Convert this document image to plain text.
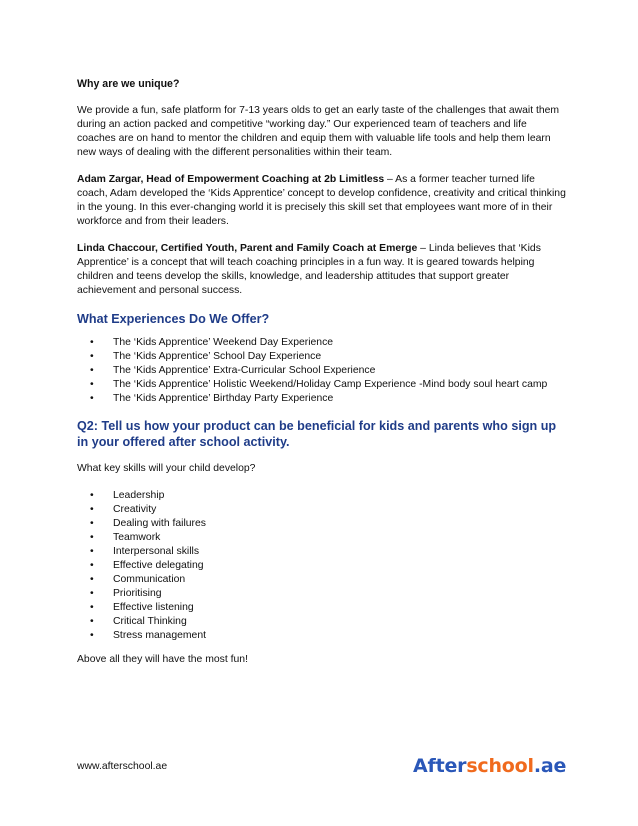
Why are we unique?

We provide a fun, safe platform for 7-13 years olds to get an early taste of the challenges that await them during an action packed and competitive “working day.” Our experienced team of teachers and life coaches are on hand to mentor the children and equip them with valuable life tools and help them learn new ways of dealing with the different personalities within their team.

Adam Zargar, Head of Empowerment Coaching at 2b Limitless – As a former teacher turned life coach, Adam developed the ‘Kids Apprentice’ concept to develop confidence, creativity and critical thinking in the young. In this ever-changing world it is precisely this skill set that employees want more of in their workforce and from their leaders.

Linda Chaccour, Certified Youth, Parent and Family Coach at Emerge – Linda believes that ‘Kids Apprentice’ is a concept that will teach coaching principles in a fun way. It is geared towards helping children and teens develop the skills, knowledge, and leadership attitudes that support greater achievement and personal success.

What Experiences Do We Offer?
• The ‘Kids Apprentice’ Weekend Day Experience
• The ‘Kids Apprentice’ School Day Experience
• The ‘Kids Apprentice’ Extra-Curricular School Experience
• The ‘Kids Apprentice’ Holistic Weekend/Holiday Camp Experience -Mind body soul heart camp
• The ‘Kids Apprentice’ Birthday Party Experience
Q2: Tell us how your product can be beneficial for kids and parents who sign up in your offered after school activity.

What key skills will your child develop?

• Leadership
• Creativity
• Dealing with failures
• Teamwork
• Interpersonal skills
• Effective delegating
• Communication
• Prioritising
• Effective listening
• Critical Thinking
• Stress management

Above all they will have the most fun!

www.afterschool.ae	Afterschool.ae
